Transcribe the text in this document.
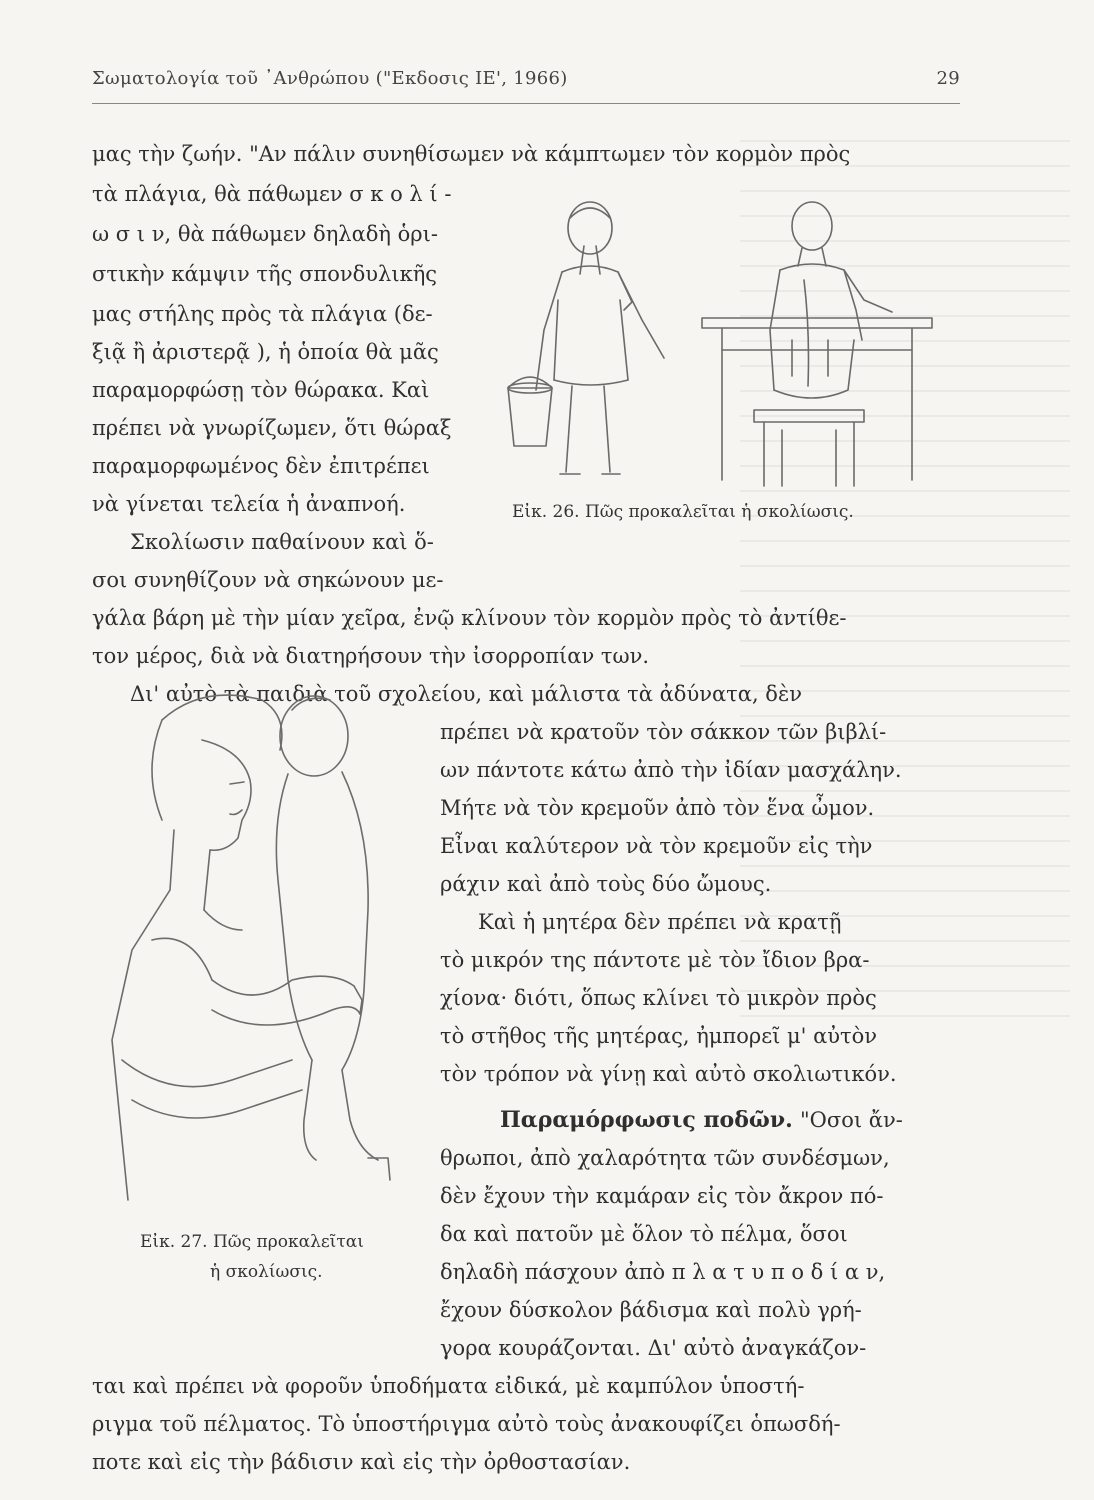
Σωματολογία τοῦ ᾽Ανθρώπου ("Εκδοσις ΙΕ', 1966)	29
μας τὴν ζωήν. "Αν πάλιν συνηθίσωμεν νὰ κάμπτωμεν τὸν κορμὸν πρὸς
τὰ πλάγια, θὰ πάθωμεν σ κ ο λ ί -
ω σ ι ν, θὰ πάθωμεν δηλαδὴ ὁρι-
στικὴν κάμψιν τῆς σπονδυλικῆς
μας στήλης πρὸς τὰ πλάγια (δε-
ξιᾷ ἢ ἀριστερᾷ ), ἡ ὁποία θὰ μᾶς
παραμορφώσῃ τὸν θώρακα. Καὶ
πρέπει νὰ γνωρίζωμεν, ὅτι θώραξ
παραμορφωμένος δὲν ἐπιτρέπει
νὰ γίνεται τελεία ἡ ἀναπνοή.
Σκολίωσιν παθαίνουν καὶ ὅ-
σοι συνηθίζουν νὰ σηκώνουν με-
γάλα βάρη μὲ τὴν μίαν χεῖρα, ἐνῷ κλίνουν τὸν κορμὸν πρὸς τὸ ἀντίθε-
τον μέρος, διὰ νὰ διατηρήσουν τὴν ἰσορροπίαν των.
Δι' αὐτὸ τὰ παιδιὰ τοῦ σχολείου, καὶ μάλιστα τὰ ἀδύνατα, δὲν
πρέπει νὰ κρατοῦν τὸν σάκκον τῶν βιβλί-
ων πάντοτε κάτω ἀπὸ τὴν ἰδίαν μασχάλην.
Μήτε νὰ τὸν κρεμοῦν ἀπὸ τὸν ἕνα ὦμον.
Εἶναι καλύτερον νὰ τὸν κρεμοῦν εἰς τὴν
ράχιν καὶ ἀπὸ τοὺς δύο ὤμους.
Καὶ ἡ μητέρα δὲν πρέπει νὰ κρατῇ
τὸ μικρόν της πάντοτε μὲ τὸν ἴδιον βρα-
χίονα· διότι, ὅπως κλίνει τὸ μικρὸν πρὸς
τὸ στῆθος τῆς μητέρας, ἠμπορεῖ μ' αὐτὸν
τὸν τρόπον νὰ γίνῃ καὶ αὐτὸ σκολιωτικόν.
Παραμόρφωσις ποδῶν. "Οσοι ἄν-
θρωποι, ἀπὸ χαλαρότητα τῶν συνδέσμων,
δὲν ἔχουν τὴν καμάραν εἰς τὸν ἄκρον πό-
δα καὶ πατοῦν μὲ ὅλον τὸ πέλμα, ὅσοι
δηλαδὴ πάσχουν ἀπὸ π λ α τ υ π ο δ ί α ν,
ἔχουν δύσκολον βάδισμα καὶ πολὺ γρή-
γορα κουράζονται. Δι' αὐτὸ ἀναγκάζον-
ται καὶ πρέπει νὰ φοροῦν ὑποδήματα εἰδικά, μὲ καμπύλον ὑποστή-
ριγμα τοῦ πέλματος. Τὸ ὑποστήριγμα αὐτὸ τοὺς ἀνακουφίζει ὁπωσδή-
ποτε καὶ εἰς τὴν βάδισιν καὶ εἰς τὴν ὀρθοστασίαν.
Εἰκ. 26. Πῶς προκαλεῖται ἡ σκολίωσις.
Εἰκ. 27. Πῶς προκαλεῖται
ἡ σκολίωσις.
